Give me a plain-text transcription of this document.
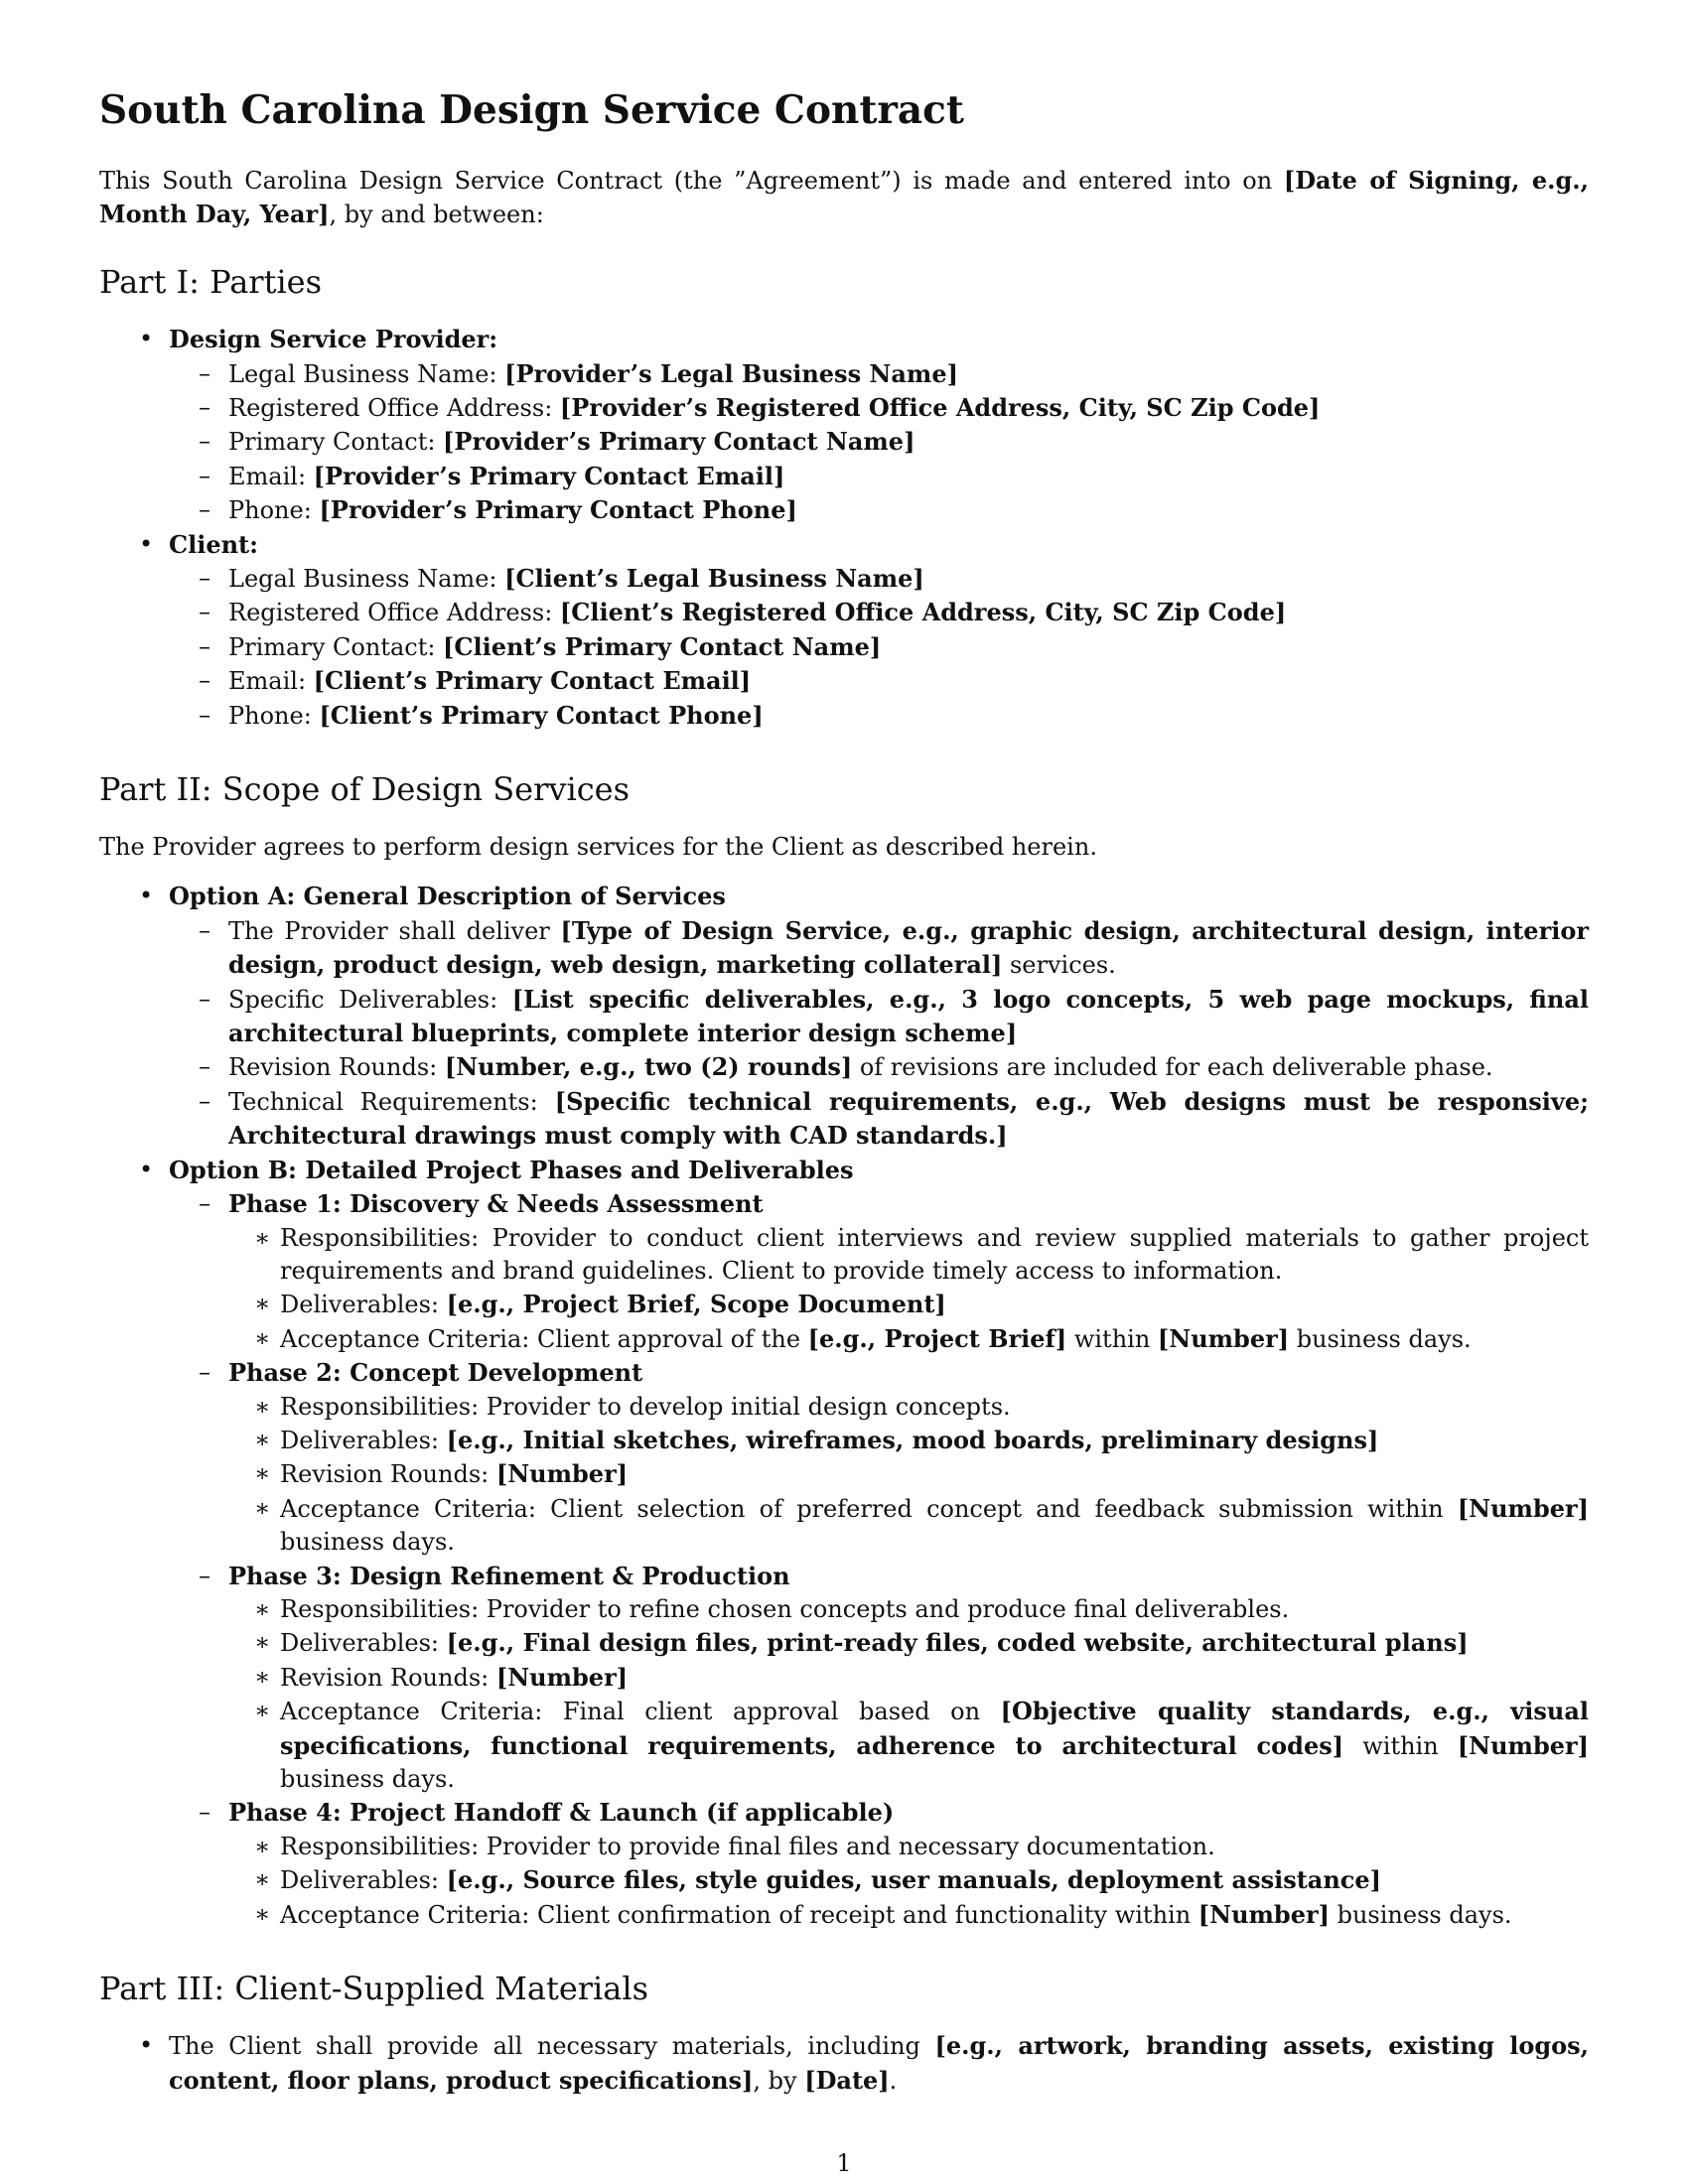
South Carolina Design Service Contract

This South Carolina Design Service Contract (the ”Agreement”) is made and entered into on [Date of Signing, e.g., Month Day, Year], by and between:

Part I: Parties
• Design Service Provider:
– Legal Business Name: [Provider’s Legal Business Name]
– Registered Office Address: [Provider’s Registered Office Address, City, SC Zip Code]
– Primary Contact: [Provider’s Primary Contact Name]
– Email: [Provider’s Primary Contact Email]
– Phone: [Provider’s Primary Contact Phone]
• Client:
– Legal Business Name: [Client’s Legal Business Name]
– Registered Office Address: [Client’s Registered Office Address, City, SC Zip Code]
– Primary Contact: [Client’s Primary Contact Name]
– Email: [Client’s Primary Contact Email]
– Phone: [Client’s Primary Contact Phone]
Part II: Scope of Design Services

The Provider agrees to perform design services for the Client as described herein.

• Option A: General Description of Services
– The Provider shall deliver [Type of Design Service, e.g., graphic design, architectural design, interior design, product design, web design, marketing collateral] services.
– Specific Deliverables: [List specific deliverables, e.g., 3 logo concepts, 5 web page mockups, final architectural blueprints, complete interior design scheme]
– Revision Rounds: [Number, e.g., two (2) rounds] of revisions are included for each deliverable phase.
– Technical Requirements: [Specific technical requirements, e.g., Web designs must be responsive; Architectural drawings must comply with CAD standards.]
• Option B: Detailed Project Phases and Deliverables
– Phase 1: Discovery & Needs Assessment
∗ Responsibilities: Provider to conduct client interviews and review supplied materials to gather project requirements and brand guidelines. Client to provide timely access to information.
∗ Deliverables: [e.g., Project Brief, Scope Document]
∗ Acceptance Criteria: Client approval of the [e.g., Project Brief] within [Number] business days.
– Phase 2: Concept Development
∗ Responsibilities: Provider to develop initial design concepts.
∗ Deliverables: [e.g., Initial sketches, wireframes, mood boards, preliminary designs]
∗ Revision Rounds: [Number]
∗ Acceptance Criteria: Client selection of preferred concept and feedback submission within [Number] business days.
– Phase 3: Design Refinement & Production
∗ Responsibilities: Provider to refine chosen concepts and produce final deliverables.
∗ Deliverables: [e.g., Final design files, print-ready files, coded website, architectural plans]
∗ Revision Rounds: [Number]
∗ Acceptance Criteria: Final client approval based on [Objective quality standards, e.g., visual specifications, functional requirements, adherence to architectural codes] within [Number] business days.
– Phase 4: Project Handoff & Launch (if applicable)
∗ Responsibilities: Provider to provide final files and necessary documentation.
∗ Deliverables: [e.g., Source files, style guides, user manuals, deployment assistance]
∗ Acceptance Criteria: Client confirmation of receipt and functionality within [Number] business days.
Part III: Client-Supplied Materials
• The Client shall provide all necessary materials, including [e.g., artwork, branding assets, existing logos, content, floor plans, product specifications], by [Date].
1
